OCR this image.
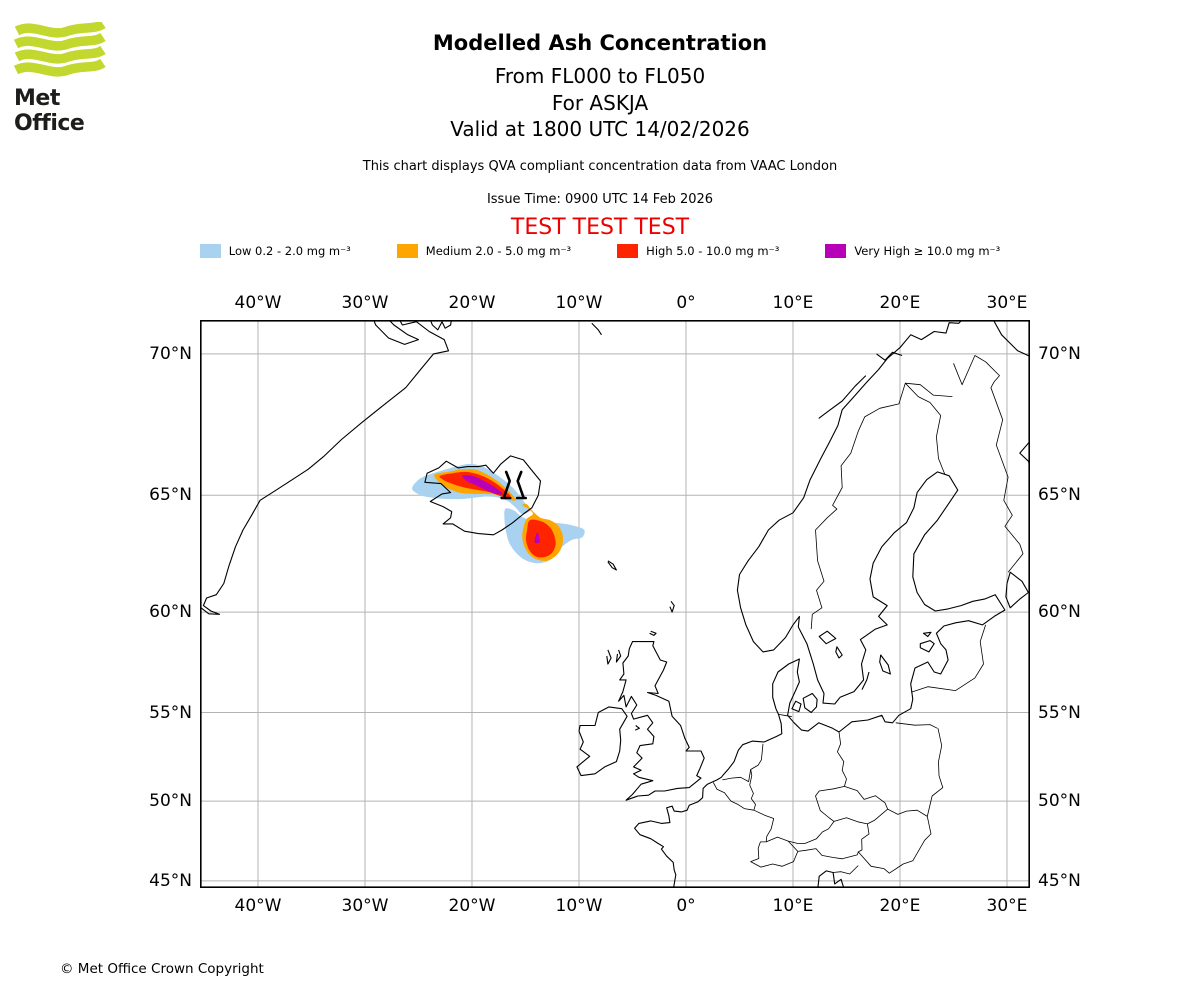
Met Office
Modelled Ash Concentration
From FL000 to FL050
For ASKJA
Valid at 1800 UTC 14/02/2026
This chart displays QVA compliant concentration data from VAAC London
Issue Time: 0900 UTC 14 Feb 2026
TEST TEST TEST
Low 0.2 - 2.0 mg m⁻³	Medium 2.0 - 5.0 mg m⁻³	High 5.0 - 10.0 mg m⁻³	Very High ≥ 10.0 mg m⁻³
40°W
40°W
30°W
30°W
20°W
20°W
10°W
10°W
0°
0°
10°E
10°E
20°E
20°E
30°E
30°E
70°N	70°N
65°N	65°N
60°N	60°N
55°N	55°N
50°N	50°N
45°N	45°N
© Met Office Crown Copyright
